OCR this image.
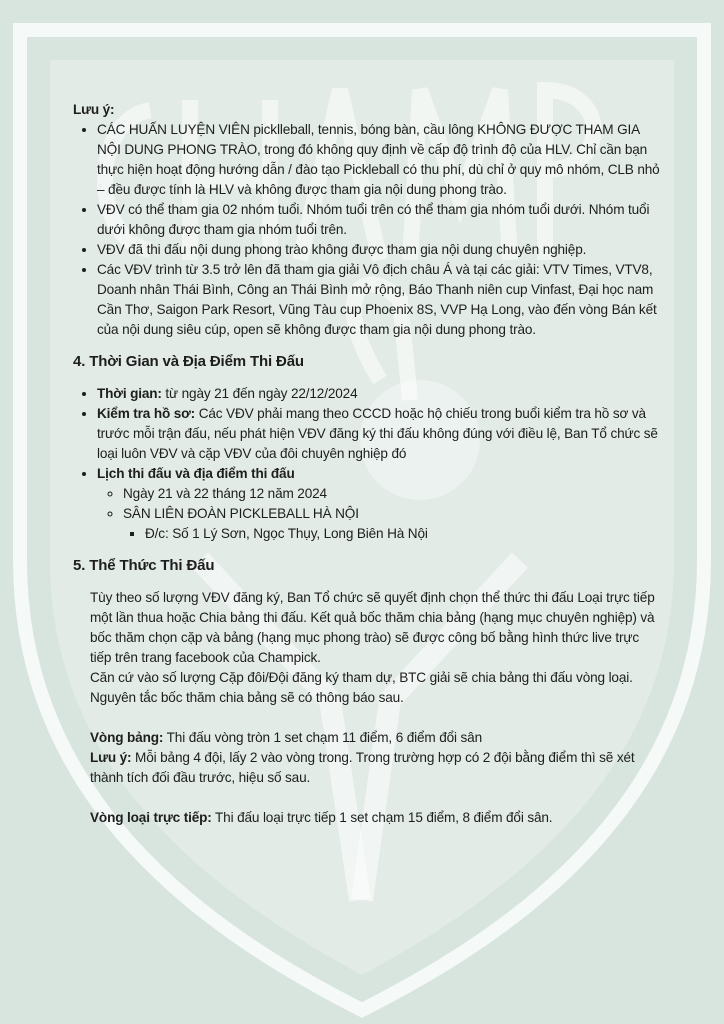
Lưu ý:
• CÁC HUẤN LUYỆN VIÊN picklleball, tennis, bóng bàn, cầu lông KHÔNG ĐƯỢC THAM GIA NỘI DUNG PHONG TRÀO, trong đó không quy định về cấp độ trình độ của HLV. Chỉ cần bạn thực hiện hoạt động hướng dẫn / đào tạo Pickleball có thu phí, dù chỉ ở quy mô nhóm, CLB nhỏ – đều được tính là HLV và không được tham gia nội dung phong trào.
• VĐV có thể tham gia 02 nhóm tuổi. Nhóm tuổi trên có thể tham gia nhóm tuổi dưới. Nhóm tuổi dưới không được tham gia nhóm tuổi trên.
• VĐV đã thi đấu nội dung phong trào không được tham gia nội dung chuyên nghiệp.
• Các VĐV trình từ 3.5 trở lên đã tham gia giải Vô địch châu Á và tại các giải: VTV Times, VTV8, Doanh nhân Thái Bình, Công an Thái Bình mở rộng, Báo Thanh niên cup Vinfast, Đại học nam Cần Thơ, Saigon Park Resort, Vũng Tàu cup Phoenix 8S, VVP Hạ Long, vào đến vòng Bán kết của nội dung siêu cúp, open sẽ không được tham gia nội dung phong trào.
4. Thời Gian và Địa Điểm Thi Đấu
• Thời gian: từ ngày 21 đến ngày 22/12/2024
• Kiểm tra hồ sơ: Các VĐV phải mang theo CCCD hoặc hộ chiếu trong buổi kiểm tra hồ sơ và trước mỗi trận đấu, nếu phát hiện VĐV đăng ký thi đấu không đúng với điều lệ, Ban Tổ chức sẽ loại luôn VĐV và cặp VĐV của đôi chuyên nghiệp đó
• Lịch thi đấu và địa điểm thi đấu
◦ Ngày 21 và 22 tháng 12 năm 2024
◦ SÂN LIÊN ĐOÀN PICKLEBALL HÀ NỘI
▪ Đ/c: Số 1 Lý Sơn, Ngọc Thụy, Long Biên Hà Nội
5. Thể Thức Thi Đấu
Tùy theo số lượng VĐV đăng ký, Ban Tổ chức sẽ quyết định chọn thể thức thi đấu Loại trực tiếp một lần thua hoặc Chia bảng thi đấu. Kết quả bốc thăm chia bảng (hạng mục chuyên nghiệp) và bốc thăm chọn cặp và bảng (hạng mục phong trào) sẽ được công bố bằng hình thức live trực tiếp trên trang facebook của Champick.
Căn cứ vào số lượng Cặp đôi/Đội đăng ký tham dự, BTC giải sẽ chia bảng thi đấu vòng loại. Nguyên tắc bốc thăm chia bảng sẽ có thông báo sau.
Vòng bảng: Thi đấu vòng tròn 1 set chạm 11 điểm, 6 điểm đổi sân
Lưu ý: Mỗi bảng 4 đội, lấy 2 vào vòng trong. Trong trường hợp có 2 đội bằng điểm thì sẽ xét thành tích đối đầu trước, hiệu số sau.
Vòng loại trực tiếp: Thi đấu loại trực tiếp 1 set chạm 15 điểm, 8 điểm đổi sân.
